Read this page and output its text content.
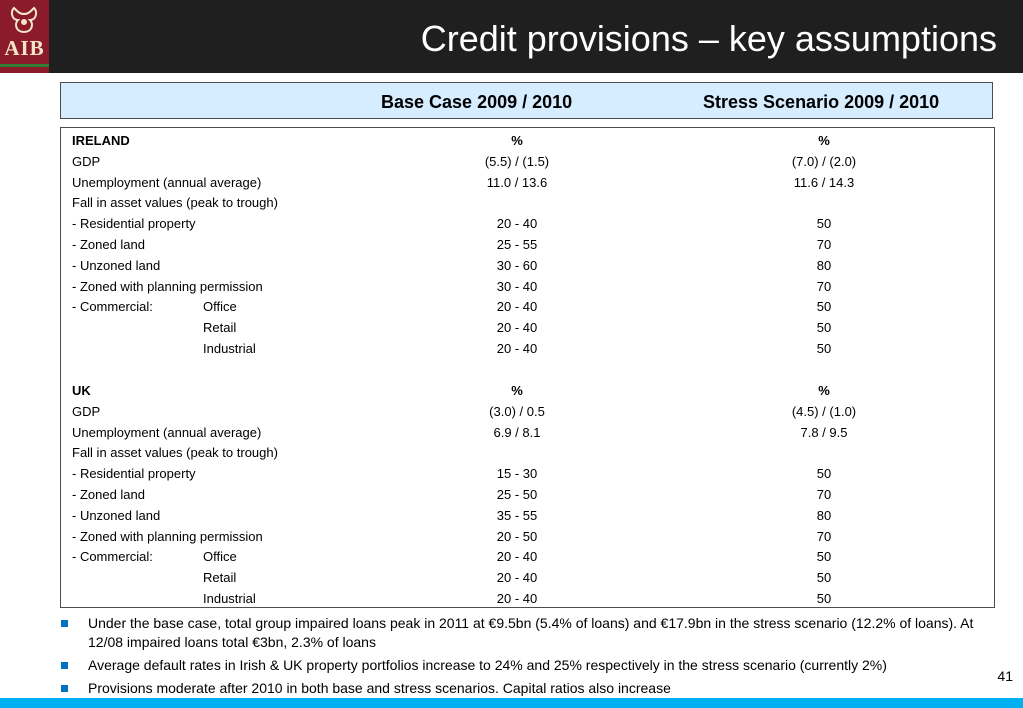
AIB	Credit provisions – key assumptions
Base Case 2009 / 2010	Stress Scenario 2009 / 2010
IRELAND	%	%
GDP	(5.5) / (1.5)	(7.0) / (2.0)
Unemployment (annual average)	11.0 / 13.6	11.6 / 14.3
Fall in asset values (peak to trough)
- Residential property	20 - 40	50
- Zoned land	25 - 55	70
- Unzoned land	30 - 60	80
- Zoned with planning permission	30 - 40	70
- Commercial:	Office	20 - 40	50
Retail	20 - 40	50
Industrial	20 - 40	50
UK	%	%
GDP	(3.0) / 0.5	(4.5) / (1.0)
Unemployment (annual average)	6.9 / 8.1	7.8 / 9.5
Fall in asset values (peak to trough)
- Residential property	15 - 30	50
- Zoned land	25 - 50	70
- Unzoned land	35 - 55	80
- Zoned with planning permission	20 - 50	70
- Commercial:	Office	20 - 40	50
Retail	20 - 40	50
Industrial	20 - 40	50
Under the base case, total group impaired loans peak in 2011 at €9.5bn (5.4% of loans) and €17.9bn in the stress scenario (12.2% of loans). At 12/08 impaired loans total €3bn, 2.3% of loans
Average default rates in Irish & UK property portfolios increase to 24% and 25% respectively in the stress scenario (currently 2%)
Provisions moderate after 2010 in both base and stress scenarios. Capital ratios also increase
41
